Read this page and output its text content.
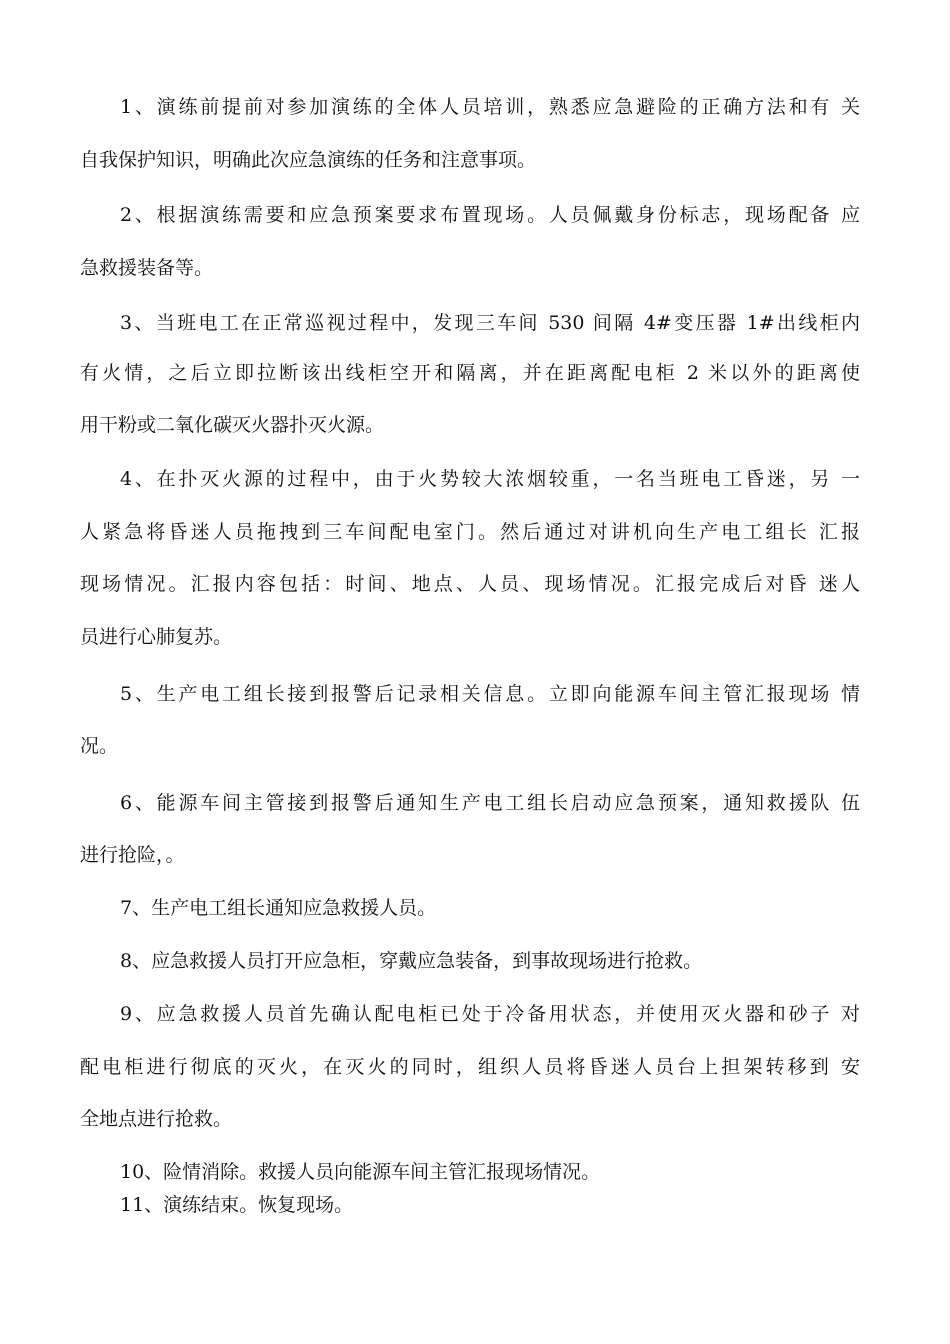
1、演练前提前对参加演练的全体人员培训，熟悉应急避险的正确方法和有 关
自我保护知识，明确此次应急演练的任务和注意事项。
2、根据演练需要和应急预案要求布置现场。人员佩戴身份标志，现场配备 应
急救援装备等。
3、当班电工在正常巡视过程中，发现三车间 530 间隔 4#变压器 1#出线柜内
有火情，之后立即拉断该出线柜空开和隔离，并在距离配电柜 2 米以外的距离使
用干粉或二氧化碳灭火器扑灭火源。
4、在扑灭火源的过程中，由于火势较大浓烟较重，一名当班电工昏迷，另 一
人紧急将昏迷人员拖拽到三车间配电室门。然后通过对讲机向生产电工组长 汇报
现场情况。汇报内容包括：时间、地点、人员、现场情况。汇报完成后对昏 迷人
员进行心肺复苏。
5、生产电工组长接到报警后记录相关信息。立即向能源车间主管汇报现场 情
况。
6、能源车间主管接到报警后通知生产电工组长启动应急预案，通知救援队 伍
进行抢险，。
7、生产电工组长通知应急救援人员。
8、应急救援人员打开应急柜，穿戴应急装备，到事故现场进行抢救。
9、应急救援人员首先确认配电柜已处于冷备用状态，并使用灭火器和砂子 对
配电柜进行彻底的灭火，在灭火的同时，组织人员将昏迷人员台上担架转移到 安
全地点进行抢救。
10、险情消除。救援人员向能源车间主管汇报现场情况。
11、演练结束。恢复现场。
